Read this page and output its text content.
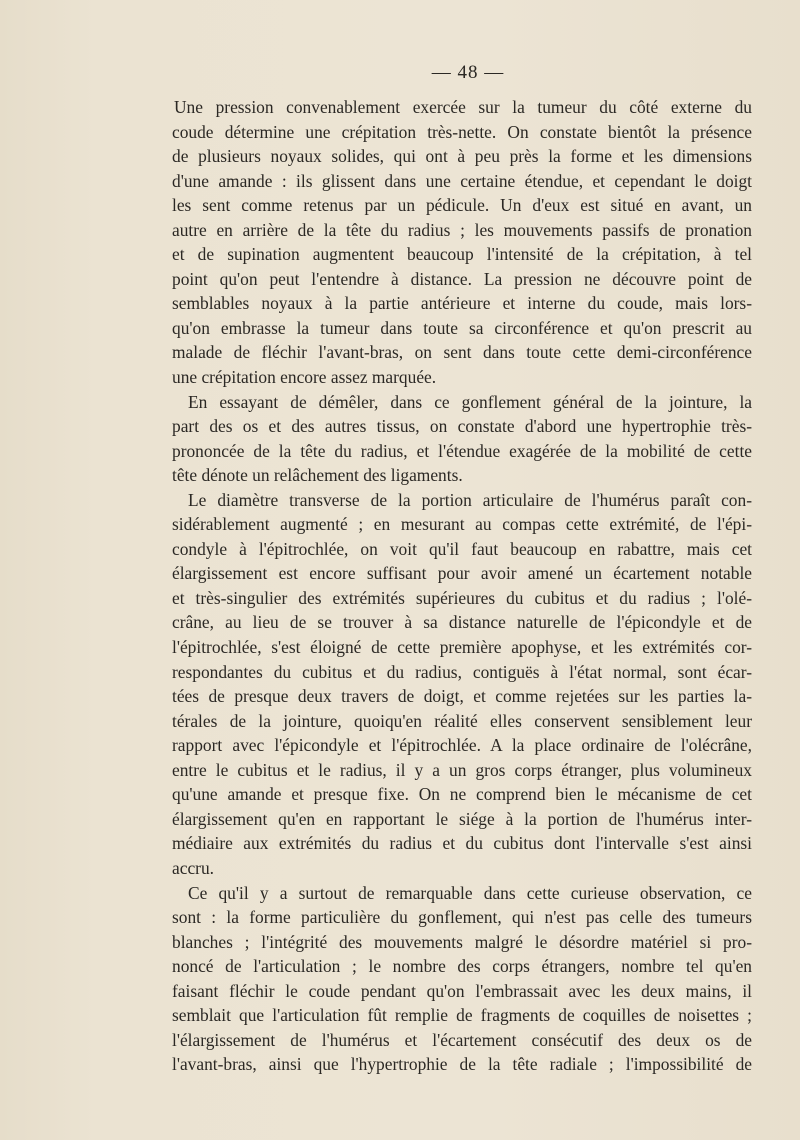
— 48 —
Une pression convenablement exercée sur la tumeur du côté externe du
coude détermine une crépitation très-nette. On constate bientôt la présence
de plusieurs noyaux solides, qui ont à peu près la forme et les dimensions
d'une amande : ils glissent dans une certaine étendue, et cependant le doigt
les sent comme retenus par un pédicule. Un d'eux est situé en avant, un
autre en arrière de la tête du radius ; les mouvements passifs de pronation
et de supination augmentent beaucoup l'intensité de la crépitation, à tel
point qu'on peut l'entendre à distance. La pression ne découvre point de
semblables noyaux à la partie antérieure et interne du coude, mais lors-
qu'on embrasse la tumeur dans toute sa circonférence et qu'on prescrit au
malade de fléchir l'avant-bras, on sent dans toute cette demi-circonférence
une crépitation encore assez marquée.
En essayant de démêler, dans ce gonflement général de la jointure, la
part des os et des autres tissus, on constate d'abord une hypertrophie très-
prononcée de la tête du radius, et l'étendue exagérée de la mobilité de cette
tête dénote un relâchement des ligaments.
Le diamètre transverse de la portion articulaire de l'humérus paraît con-
sidérablement augmenté ; en mesurant au compas cette extrémité, de l'épi-
condyle à l'épitrochlée, on voit qu'il faut beaucoup en rabattre, mais cet
élargissement est encore suffisant pour avoir amené un écartement notable
et très-singulier des extrémités supérieures du cubitus et du radius ; l'olé-
crâne, au lieu de se trouver à sa distance naturelle de l'épicondyle et de
l'épitrochlée, s'est éloigné de cette première apophyse, et les extrémités cor-
respondantes du cubitus et du radius, contiguës à l'état normal, sont écar-
tées de presque deux travers de doigt, et comme rejetées sur les parties la-
térales de la jointure, quoiqu'en réalité elles conservent sensiblement leur
rapport avec l'épicondyle et l'épitrochlée. A la place ordinaire de l'olécrâne,
entre le cubitus et le radius, il y a un gros corps étranger, plus volumineux
qu'une amande et presque fixe. On ne comprend bien le mécanisme de cet
élargissement qu'en en rapportant le siége à la portion de l'humérus inter-
médiaire aux extrémités du radius et du cubitus dont l'intervalle s'est ainsi
accru.
Ce qu'il y a surtout de remarquable dans cette curieuse observation, ce
sont : la forme particulière du gonflement, qui n'est pas celle des tumeurs
blanches ; l'intégrité des mouvements malgré le désordre matériel si pro-
noncé de l'articulation ; le nombre des corps étrangers, nombre tel qu'en
faisant fléchir le coude pendant qu'on l'embrassait avec les deux mains, il
semblait que l'articulation fût remplie de fragments de coquilles de noisettes ;
l'élargissement de l'humérus et l'écartement consécutif des deux os de
l'avant-bras, ainsi que l'hypertrophie de la tête radiale ; l'impossibilité de
